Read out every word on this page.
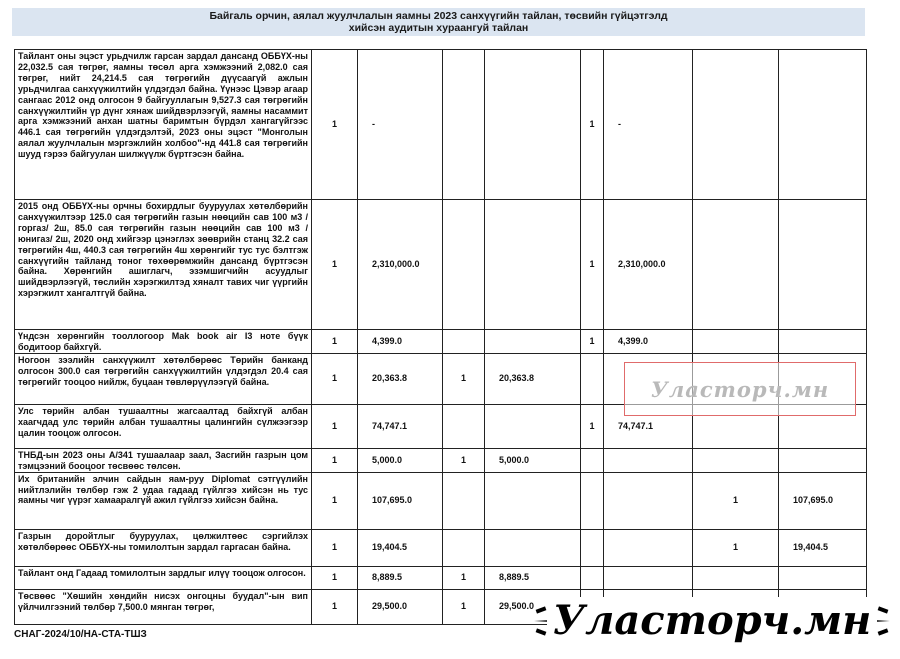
Байгаль орчин, аялал жуулчлалын яамны 2023 санхүүгийн тайлан, төсвийн гүйцэтгэлд
хийсэн аудитын хураангуй тайлан
Тайлант оны эцэст урьдчилж гарсан зардал дансанд ОББҮХ-ны 22,032.5 сая төгрөг, яамны төсөл арга хэмжээний 2,082.0 сая төгрөг, нийт 24,214.5 сая төгрөгийн дүүсаагүй ажлын урьдчилгаа санхүүжилтийн үлдэгдэл байна. Үүнээс Цэвэр агаар сангаас 2012 онд олгосон 9 байгууллагын 9,527.3 сая төгрөгийн санхүүжилтийн үр дүнг хянаж шийдвэрлээгүй, яамны насаммит арга хэмжээний анхан шатны баримтын бүрдэл хангагүйгээс 446.1 сая төгрөгийн үлдэгдэлтэй, 2023 оны эцэст "Монголын аялал жуулчлалын мэргэжлийн холбоо"-нд 441.8 сая төгрөгийн шууд гэрээ байгуулан шилжүүлж бүртгэсэн байна.	1	-			1	-		
2015 онд ОББҮХ-ны орчны бохирдлыг бууруулах хөтөлбөрийн санхүүжилтээр 125.0 сая төгрөгийн газын нөөцийн сав 100 м3 /горгаз/ 2ш, 85.0 сая төгрөгийн газын нөөцийн сав 100 м3 /юнигаз/ 2ш, 2020 онд хийгээр цэнэглэх зөөврийн станц 32.2 сая төгрөгийн 4ш, 440.3 сая төгрөгийн 4ш хөрөнгийг тус тус бэлтгэж санхүүгийн тайланд тоног төхөөрөмжийн дансанд бүртгэсэн байна. Хөрөнгийн ашиглагч, эзэмшигчийн асуудлыг шийдвэрлээгүй, төслийн хэрэгжилтэд хяналт тавих чиг үүргийн хэрэгжилт хангалтгүй байна.	1	2,310,000.0			1	2,310,000.0		
Үндсэн хөрөнгийн тооллогоор Mak book air I3 ноте бүүк бодитоор байхгүй.	1	4,399.0			1	4,399.0		
Ногоон зээлийн санхүүжилт хөтөлбөрөөс Төрийн банканд олгосон 300.0 сая төгрөгийн санхүүжилтийн үлдэгдэл 20.4 сая төгрөгийг тооцоо нийлж, буцаан төвлөрүүлээгүй байна.	1	20,363.8	1	20,363.8				
Улс төрийн албан тушаалтны жагсаалтад байхгүй албан хаагчдад улс төрийн албан тушаалтны цалингийн сүлжээгээр цалин тооцож олгосон.	1	74,747.1			1	74,747.1		
ТНБД-ын 2023 оны А/341 тушаалаар заал, Засгийн газрын цом тэмцээний бооцоог төсвөөс төлсөн.	1	5,000.0	1	5,000.0				
Их британийн элчин сайдын яам-руу Diplomat сэтгүүлийн нийтлэлийн төлбөр гэж 2 удаа гадаад гүйлгээ хийсэн нь тус яамны чиг үүрэг хамааралгүй ажил гүйлгээ хийсэн байна.	1	107,695.0					1	107,695.0
Газрын доройтлыг бууруулах, цөлжилтөөс сэргийлэх хөтөлбөрөөс ОББҮХ-ны томилолтын зардал гаргасан байна.	1	19,404.5					1	19,404.5
Тайлант онд Гадаад томилолтын зардлыг илүү тооцож олгосон.	1	8,889.5	1	8,889.5				
Төсвөөс "Хөшийн хөндийн нисэх онгоцны буудал"-ын вип үйлчилгээний төлбөр 7,500.0 мянган төгрөг,	1	29,500.0	1	29,500.0				
СНАГ-2024/10/НА-СТА-ТШЗ
Уласторч.мн
Уласторч.мн
